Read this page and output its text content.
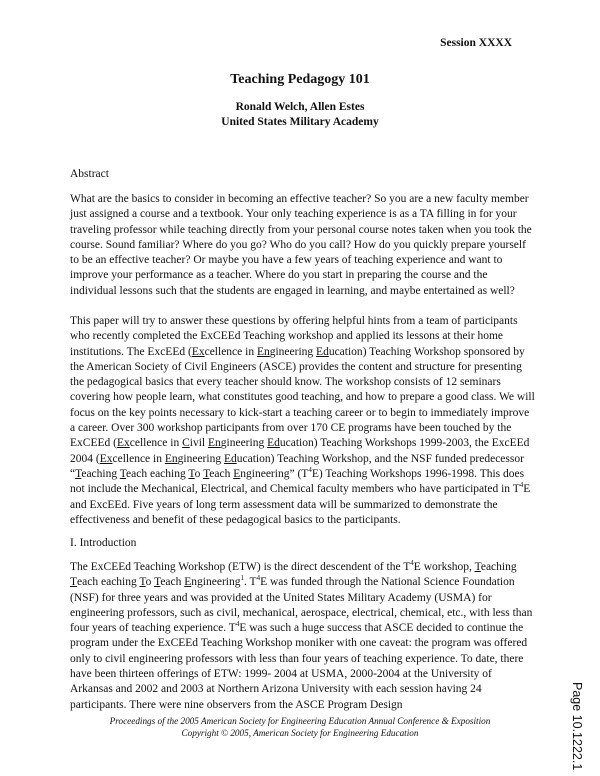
Session XXXX
Teaching Pedagogy 101
Ronald Welch, Allen Estes
United States Military Academy
Abstract

What are the basics to consider in becoming an effective teacher? So you are a new faculty member just assigned a course and a textbook. Your only teaching experience is as a TA filling in for your traveling professor while teaching directly from your personal course notes taken when you took the course. Sound familiar? Where do you go? Who do you call? How do you quickly prepare yourself to be an effective teacher? Or maybe you have a few years of teaching experience and want to improve your performance as a teacher. Where do you start in preparing the course and the individual lessons such that the students are engaged in learning, and maybe entertained as well?

This paper will try to answer these questions by offering helpful hints from a team of participants who recently completed the ExCEEd Teaching workshop and applied its lessons at their home institutions. The ExcEEd (Excellence in Engineering Education) Teaching Workshop sponsored by the American Society of Civil Engineers (ASCE) provides the content and structure for presenting the pedagogical basics that every teacher should know. The workshop consists of 12 seminars covering how people learn, what constitutes good teaching, and how to prepare a good class. We will focus on the key points necessary to kick-start a teaching career or to begin to immediately improve a career. Over 300 workshop participants from over 170 CE programs have been touched by the ExCEEd (Excellence in Civil Engineering Education) Teaching Workshops 1999-2003, the ExcEEd 2004 (Excellence in Engineering Education) Teaching Workshop, and the NSF funded predecessor “Teaching Teach eaching To Teach Engineering” $(T^4E)$ Teaching Workshops 1996-1998. This does not include the Mechanical, Electrical, and Chemical faculty members who have participated in $T^4E$ and ExcEEd. Five years of long term assessment data will be summarized to demonstrate the effectiveness and benefit of these pedagogical basics to the participants.

I. Introduction

The ExCEEd Teaching Workshop (ETW) is the direct descendent of the $T^4E$ workshop, Teaching Teach eaching To Teach Engineering$^1$. $T^4E$ was funded through the National Science Foundation (NSF) for three years and was provided at the United States Military Academy (USMA) for engineering professors, such as civil, mechanical, aerospace, electrical, chemical, etc., with less than four years of teaching experience. $T^4E$ was such a huge success that ASCE decided to continue the program under the ExCEEd Teaching Workshop moniker with one caveat: the program was offered only to civil engineering professors with less than four years of teaching experience. To date, there have been thirteen offerings of ETW: 1999- 2004 at USMA, 2000-2004 at the University of Arkansas and 2002 and 2003 at Northern Arizona University with each session having 24 participants. There were nine observers from the ASCE Program Design

Proceedings of the 2005 American Society for Engineering Education Annual Conference & Exposition
Copyright © 2005, American Society for Engineering Education	Page 10.1222.1
